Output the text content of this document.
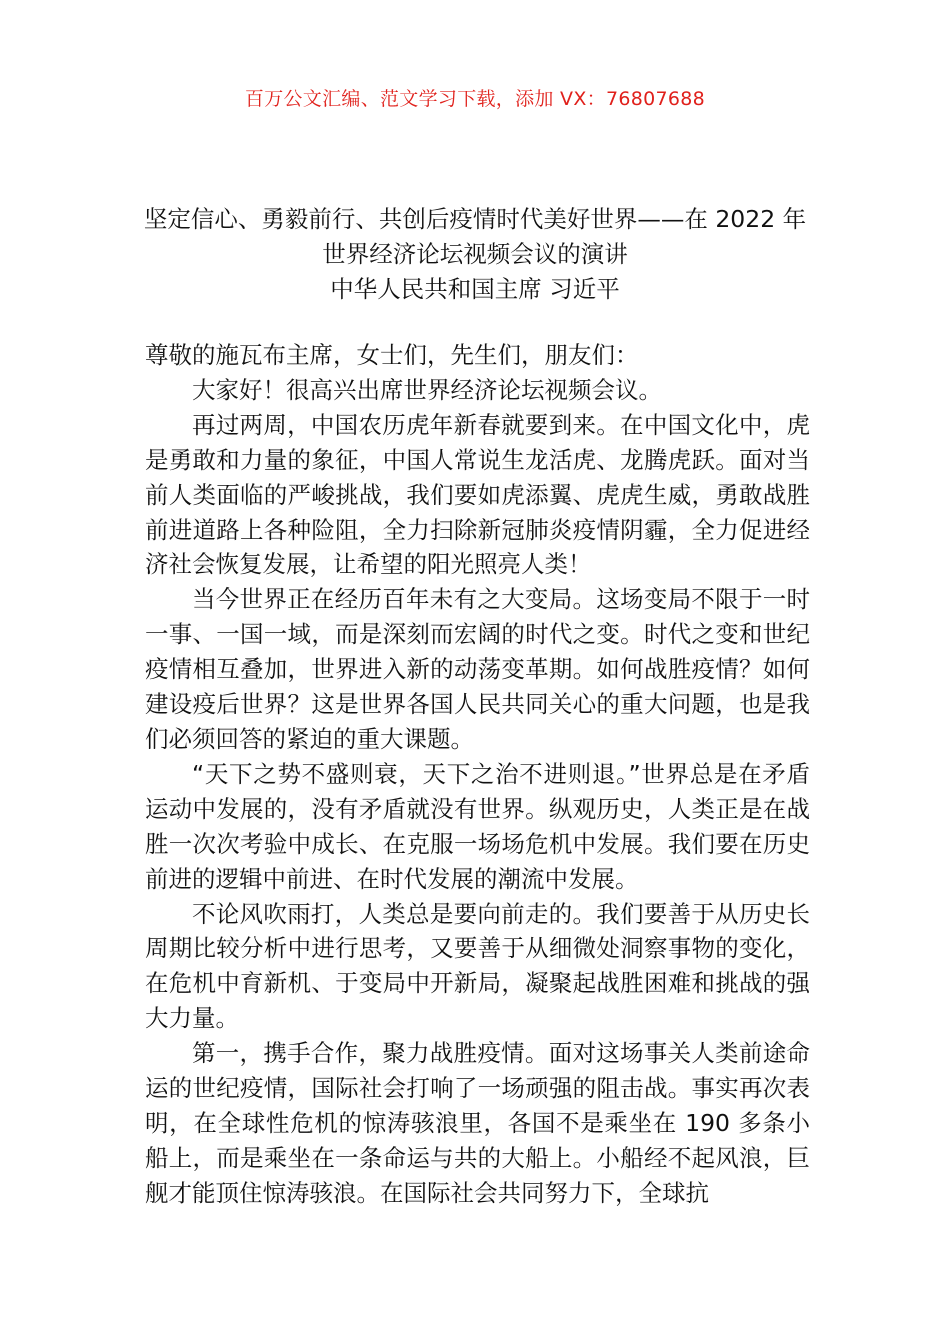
百万公文汇编、范文学习下载，添加 VX：76807688
坚定信心、勇毅前行、共创后疫情时代美好世界——在 2022 年
世界经济论坛视频会议的演讲
中华人民共和国主席 习近平

尊敬的施瓦布主席，女士们，先生们，朋友们：

大家好！很高兴出席世界经济论坛视频会议。

再过两周，中国农历虎年新春就要到来。在中国文化中，虎是勇敢和力量的象征，中国人常说生龙活虎、龙腾虎跃。面对当前人类面临的严峻挑战，我们要如虎添翼、虎虎生威，勇敢战胜前进道路上各种险阻，全力扫除新冠肺炎疫情阴霾，全力促进经济社会恢复发展，让希望的阳光照亮人类！

当今世界正在经历百年未有之大变局。这场变局不限于一时一事、一国一域，而是深刻而宏阔的时代之变。时代之变和世纪疫情相互叠加，世界进入新的动荡变革期。如何战胜疫情？如何建设疫后世界？这是世界各国人民共同关心的重大问题，也是我们必须回答的紧迫的重大课题。

“天下之势不盛则衰，天下之治不进则退。”世界总是在矛盾运动中发展的，没有矛盾就没有世界。纵观历史，人类正是在战胜一次次考验中成长、在克服一场场危机中发展。我们要在历史前进的逻辑中前进、在时代发展的潮流中发展。

不论风吹雨打，人类总是要向前走的。我们要善于从历史长周期比较分析中进行思考，又要善于从细微处洞察事物的变化，在危机中育新机、于变局中开新局，凝聚起战胜困难和挑战的强大力量。

第一，携手合作，聚力战胜疫情。面对这场事关人类前途命运的世纪疫情，国际社会打响了一场顽强的阻击战。事实再次表明，在全球性危机的惊涛骇浪里，各国不是乘坐在 190 多条小船上，而是乘坐在一条命运与共的大船上。小船经不起风浪，巨舰才能顶住惊涛骇浪。在国际社会共同努力下，全球抗
